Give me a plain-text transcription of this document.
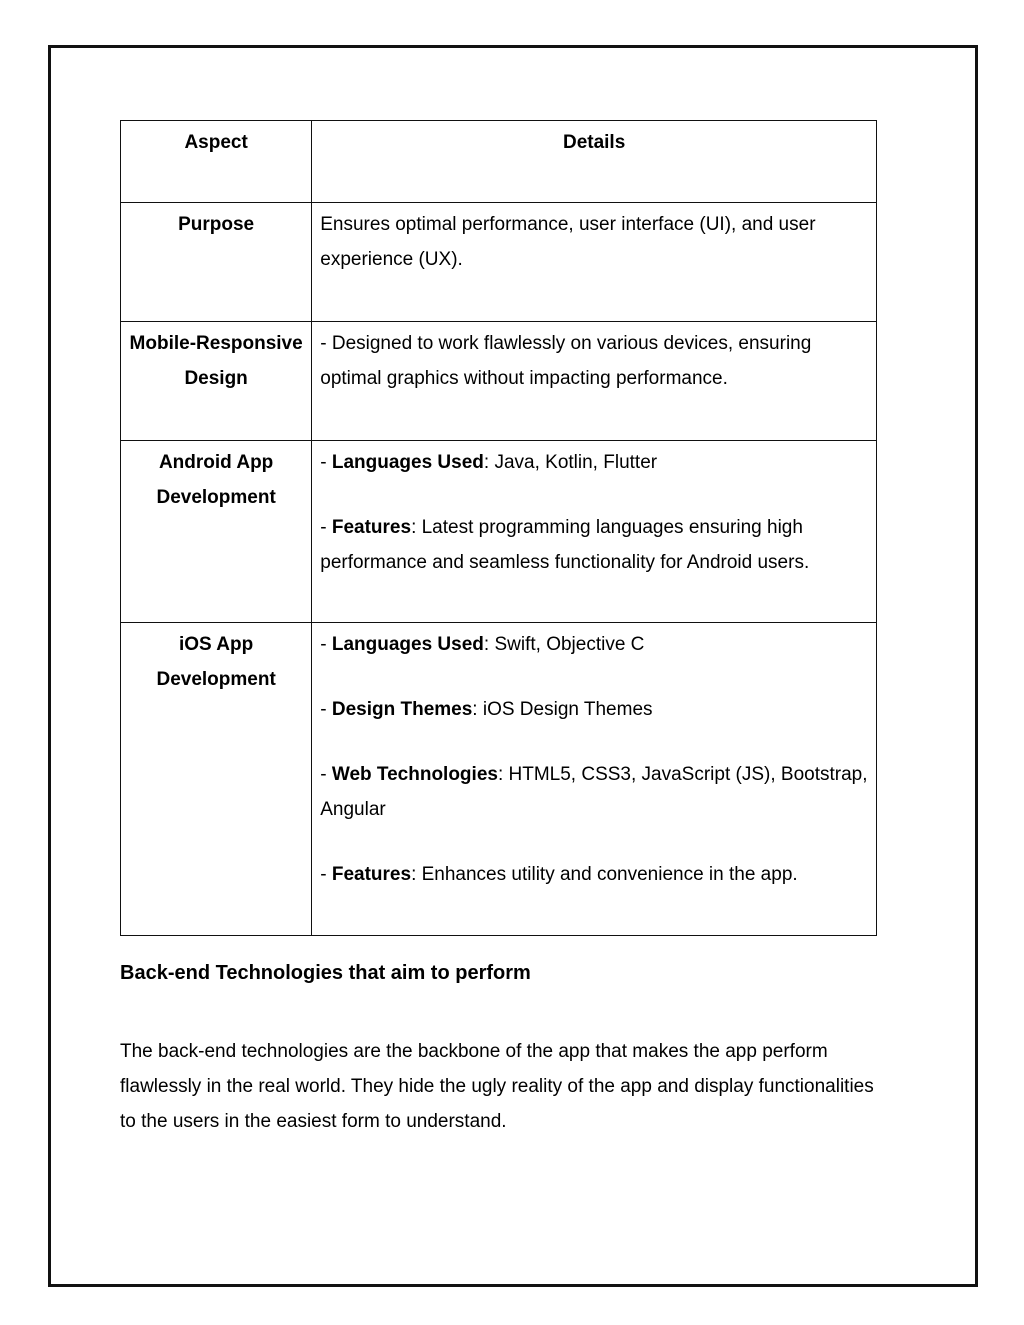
Aspect	Details
Purpose	Ensures optimal performance, user interface (UI), and user experience (UX).

Mobile-Responsive Design	- Designed to work flawlessly on various devices, ensuring optimal graphics without impacting performance.

Android App Development	- Languages Used: Java, Kotlin, Flutter
- Features: Latest programming languages ensuring high performance and seamless functionality for Android users.

iOS App Development	- Languages Used: Swift, Objective C
- Design Themes: iOS Design Themes
- Web Technologies: HTML5, CSS3, JavaScript (JS), Bootstrap, Angular
- Features: Enhances utility and convenience in the app.
Back-end Technologies that aim to perform

The back-end technologies are the backbone of the app that makes the app perform flawlessly in the real world. They hide the ugly reality of the app and display functionalities to the users in the easiest form to understand.
